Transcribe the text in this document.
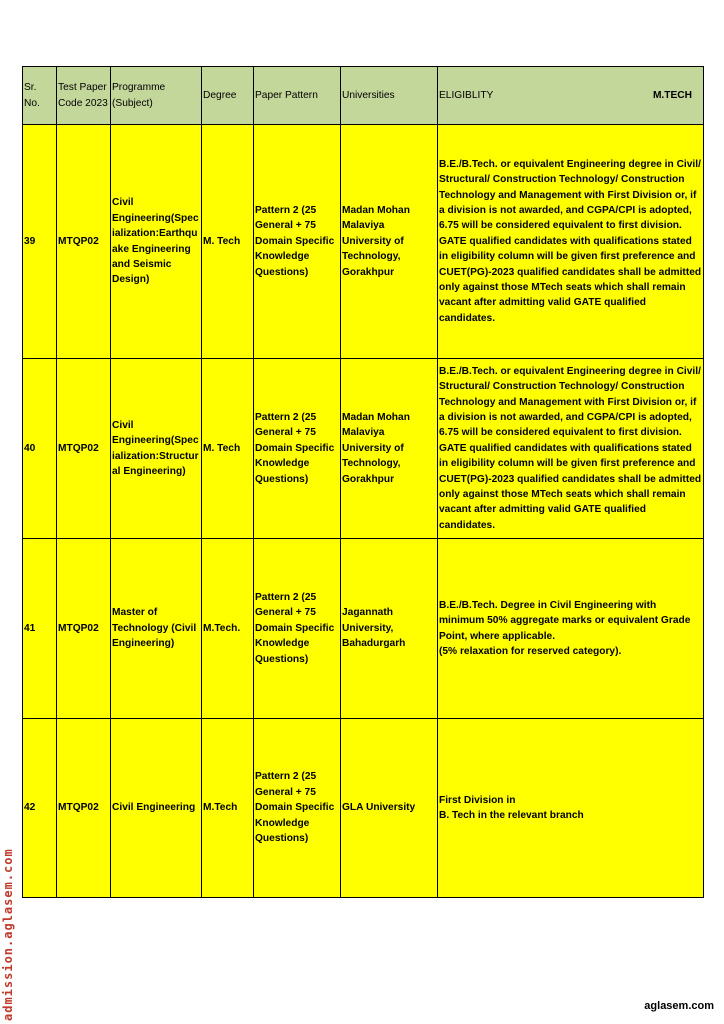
Sr. No.	Test Paper Code 2023	Programme (Subject)	Degree	Paper Pattern	Universities	ELIGIBLITY M.TECH

39	MTQP02	Civil Engineering(Specialization:Earthquake Engineering and Seismic Design)	M. Tech	Pattern 2 (25 General + 75 Domain Specific Knowledge Questions)	Madan Mohan Malaviya University of Technology, Gorakhpur	B.E./B.Tech. or equivalent Engineering degree in Civil/ Structural/ Construction Technology/ Construction Technology and Management with First Division or, if a division is not awarded, and CGPA/CPI is adopted, 6.75 will be considered equivalent to first division.
GATE qualified candidates with qualifications stated in eligibility column will be given first preference and CUET(PG)-2023 qualified candidates shall be admitted only against those MTech seats which shall remain vacant after admitting valid GATE qualified candidates.

40	MTQP02	Civil Engineering(Specialization:Structural Engineering)	M. Tech	Pattern 2 (25 General + 75 Domain Specific Knowledge Questions)	Madan Mohan Malaviya University of Technology, Gorakhpur	B.E./B.Tech. or equivalent Engineering degree in Civil/ Structural/ Construction Technology/ Construction Technology and Management with First Division or, if a division is not awarded, and CGPA/CPI is adopted, 6.75 will be considered equivalent to first division.
GATE qualified candidates with qualifications stated in eligibility column will be given first preference and CUET(PG)-2023 qualified candidates shall be admitted only against those MTech seats which shall remain vacant after admitting valid GATE qualified candidates.

41	MTQP02	Master of Technology (Civil Engineering)	M.Tech.	Pattern 2 (25 General + 75 Domain Specific Knowledge Questions)	Jagannath University, Bahadurgarh	B.E./B.Tech. Degree in Civil Engineering with minimum 50% aggregate marks or equivalent Grade Point, where applicable.
(5% relaxation for reserved category).

42	MTQP02	Civil Engineering	M.Tech	Pattern 2 (25 General + 75 Domain Specific Knowledge Questions)	GLA University	First Division in
B. Tech in the relevant branch
admission.aglasem.com	aglasem.com
